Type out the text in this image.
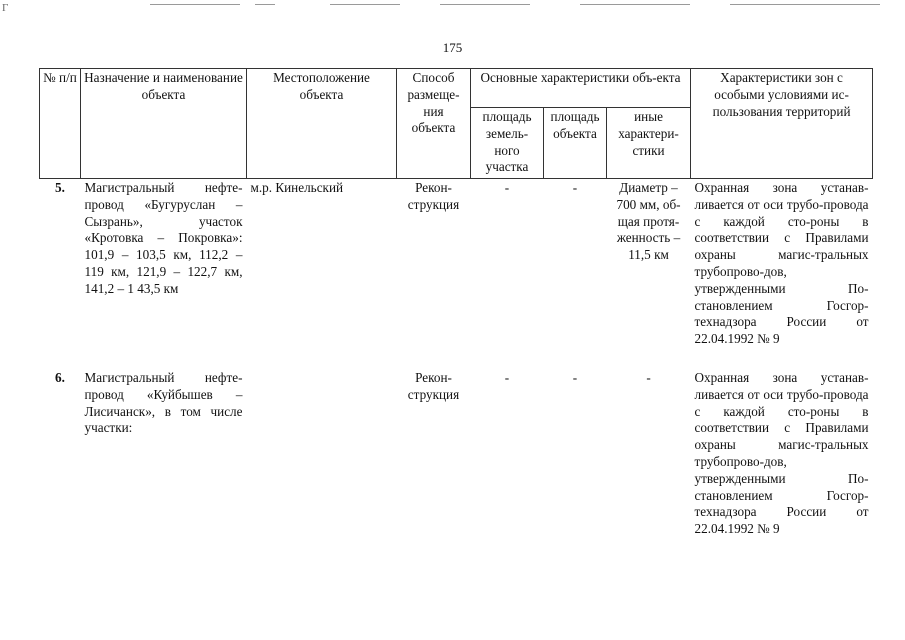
Г
175
№ п/п	Назначение и наименование объекта	Местоположение объекта	Способ размеще-ния объекта	Основные характеристики объ-екта			Характеристики зон с особыми условиями ис-пользования территорий
				площадь земель-ного участка	площадь объекта	иные характери-стики	
5.	Магистральный нефте-провод «Бугуруслан – Сызрань», участок «Кротовка – Покровка»: 101,9 – 103,5 км, 112,2 – 119 км, 121,9 – 122,7 км, 141,2 – 1 43,5 км	м.р. Кинельский	Рекон-струкция	-	-	Диаметр – 700 мм, об-щая протя-женность – 11,5 км	Охранная зона устанав-ливается от оси трубо-провода с каждой сто-роны в соответствии с Правилами охраны магис-тральных трубопрово-дов, утвержденными По-становлением Госгор-технадзора России от 22.04.1992 № 9

6.	Магистральный нефте-провод «Куйбышев – Лисичанск», в том числе участки:		Рекон-струкция	-	-	-	Охранная зона устанав-ливается от оси трубо-провода с каждой сто-роны в соответствии с Правилами охраны магис-тральных трубопрово-дов, утвержденными По-становлением Госгор-технадзора России от 22.04.1992 № 9
